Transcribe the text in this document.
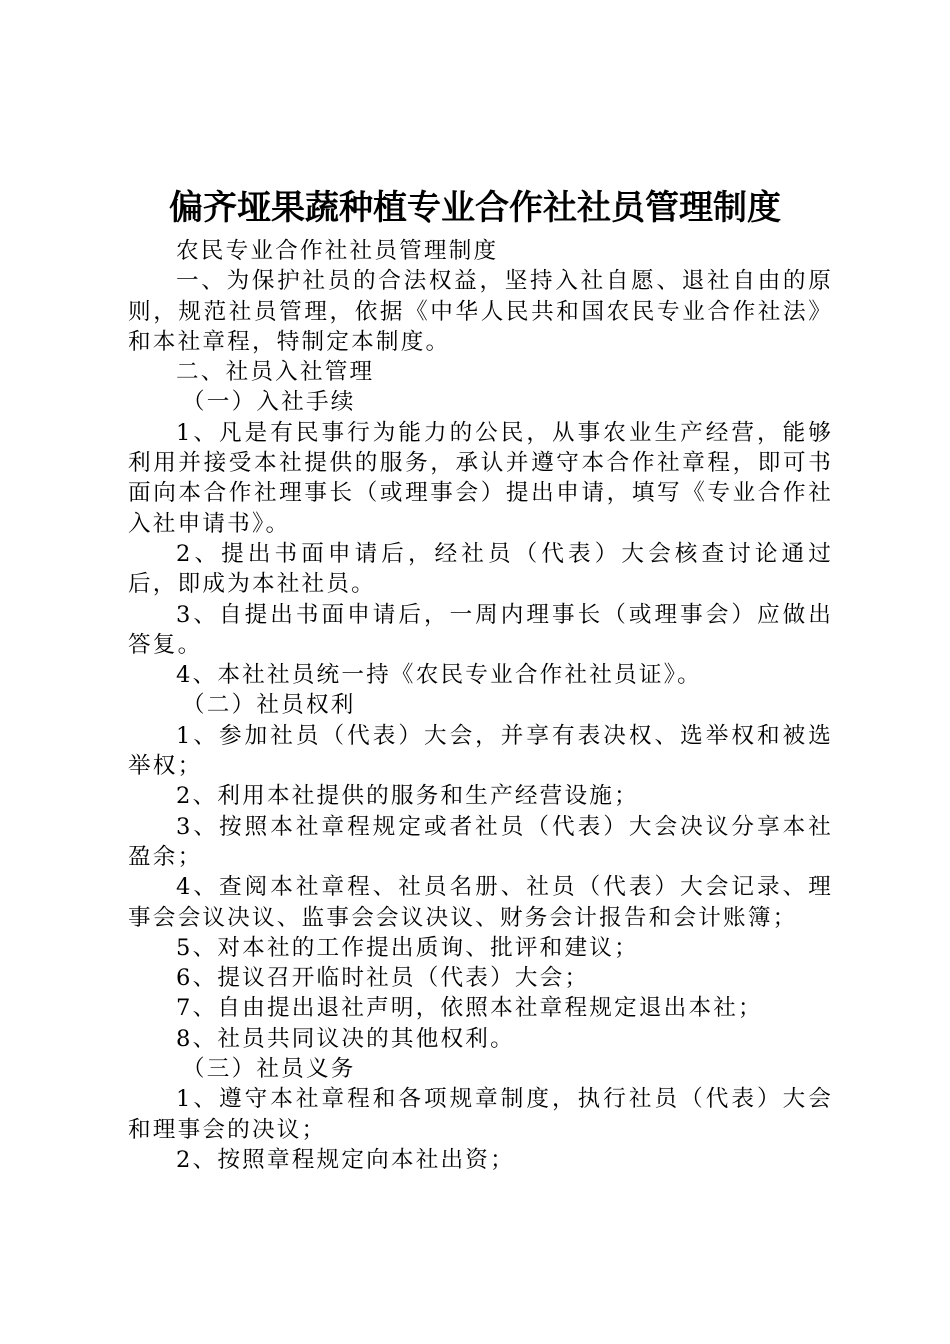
偏齐垭果蔬种植专业合作社社员管理制度

农民专业合作社社员管理制度

一、为保护社员的合法权益，坚持入社自愿、退社自由的原则，规范社员管理，依据《中华人民共和国农民专业合作社法》和本社章程，特制定本制度。

二、社员入社管理

（一）入社手续

1、凡是有民事行为能力的公民，从事农业生产经营，能够利用并接受本社提供的服务，承认并遵守本合作社章程，即可书面向本合作社理事长（或理事会）提出申请，填写《专业合作社入社申请书》。

2、提出书面申请后，经社员（代表）大会核查讨论通过后，即成为本社社员。

3、自提出书面申请后，一周内理事长（或理事会）应做出答复。

4、本社社员统一持《农民专业合作社社员证》。

（二）社员权利

1、参加社员（代表）大会，并享有表决权、选举权和被选举权；

2、利用本社提供的服务和生产经营设施；

3、按照本社章程规定或者社员（代表）大会决议分享本社盈余；

4、查阅本社章程、社员名册、社员（代表）大会记录、理事会会议决议、监事会会议决议、财务会计报告和会计账簿；

5、对本社的工作提出质询、批评和建议；

6、提议召开临时社员（代表）大会；

7、自由提出退社声明，依照本社章程规定退出本社；

8、社员共同议决的其他权利。

（三）社员义务

1、遵守本社章程和各项规章制度，执行社员（代表）大会和理事会的决议；

2、按照章程规定向本社出资；
